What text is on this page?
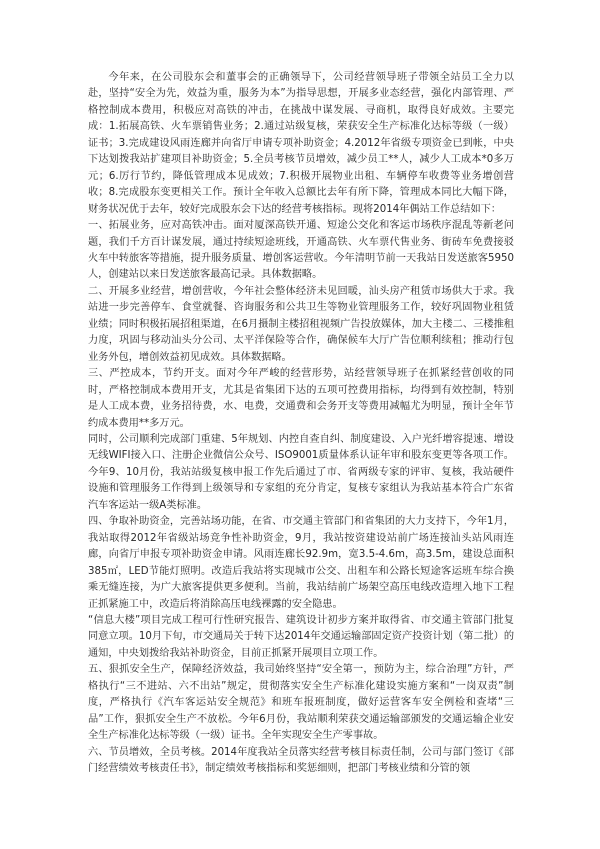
今年来，在公司股东会和董事会的正确领导下，公司经营领导班子带领全站员工全力以赴，坚持“安全为先，效益为重，服务为本”为指导思想，开展多业态经营，强化内部管理、严格控制成本费用，积极应对高铁的冲击，在挑战中谋发展、寻商机，取得良好成效。主要完成：1.拓展高铁、火车票销售业务；2.通过站级复核，荣获安全生产标准化达标等级（一级）证书；3.完成建设风雨连廊并向省厅申请专项补助资金；4.2012年省级专项资金已到帐，中央下达划拨我站扩建项目补助资金；5.全员考核节员增效，减少员工**人，减少人工成本*0多万元；6.厉行节约，降低管理成本见成效；7.积极开展物业出租、车辆停车收费等业务增创营收；8.完成股东变更相关工作。预计全年收入总额比去年有所下降，管理成本同比大幅下降，财务状况优于去年，较好完成股东会下达的经营考核指标。现将2014年偶站工作总结如下：

一、拓展业务，应对高铁冲击。面对厦深高铁开通、短途公交化和客运市场秩序混乱等新老问题，我们千方百计谋发展，通过持续短途班线，开通高铁、火车票代售业务、街砖车免费接驳火车中转旅客等措施，提升服务质量、增创客运营收。今年清明节前一天我站日发送旅客5950人，创建站以来日发送旅客最高记录。具体数据略。

二、开展多业经营，增创营收，今年社会整体经济未见回暖，汕头房产租赁市场供大于求。我站进一步完善停车、食堂就餐、咨询服务和公共卫生等物业管理服务工作，较好巩固物业租赁业绩；同时积极拓展招租渠道，在6月摄制主楼招租视频广告投放媒体，加大主楼二、三楼推租力度，巩固与移动汕头分公司、太平洋保险等合作，确保候车大厅广告位顺利续租；推动行包业务外包，增创效益初见成效。具体数据略。

三、严控成本，节约开支。面对今年严峻的经营形势，站经营领导班子在抓紧经营创收的同时，严格控制成本费用开支，尤其是省集团下达的五项可控费用指标，均得到有效控制，特别是人工成本费，业务招待费，水、电费，交通费和会务开支等费用减幅尤为明显，预计全年节约成本费用**多万元。

同时，公司顺利完成部门重建、5年规划、内控自查自纠、制度建设、入户光纤增容提速、增设无线WIFI接入口、注册企业微信公众号、ISO9001质量体系认证年审和股东变更等各项工作。今年9、10月份，我站站级复核申报工作先后通过了市、省两级专家的评审、复核，我站硬件设施和管理服务工作得到上级领导和专家组的充分肯定，复核专家组认为我站基本符合广东省汽车客运站一级A类标准。

四、争取补助资金，完善站场功能，在省、市交通主管部门和省集团的大力支持下，今年1月，我站取得2012年省级站场竞争性补助资金，9月，我站按资建设站前广场连接汕头站风雨连廊，向省厅申报专项补助资金申请。风雨连廊长92.9m，宽3.5-4.6m，高3.5m，建设总面积385㎡，LED节能灯照明。改造后我站将实现城市公交、出租车和公路长短途客运班车综合换乘无缝连接，为广大旅客提供更多便利。当前，我站结前广场架空高压电线改造埋入地下工程正抓紧施工中，改造后将消除高压电线裸露的安全隐患。

“信息大楼”项目完成工程可行性研究报告、建筑设计初步方案并取得省、市交通主管部门批复同意立项。10月下旬，市交通局关于转下达2014年交通运输部固定资产投资计划（第二批）的通知，中央划拨给我站补助资金，目前正抓紧开展项目立项工作。

五、狠抓安全生产，保障经济效益，我司始终坚持“安全第一，预防为主，综合治理”方针，严格执行“三不进站、六不出站”规定，贯彻落实安全生产标准化建设实施方案和“一岗双责”制度，严格执行《汽车客运站安全规范》和班车报班制度，做好运营客车安全例检和查堵“三品”工作，狠抓安全生产不放松。今年6月份，我站顺利荣获交通运输部颁发的交通运输企业安全生产标准化达标等级（一级）证书。全年实现安全生产零事故。

六、节员增效，全员考核。2014年度我站全员落实经营考核目标责任制，公司与部门签订《部门经营绩效考核责任书》，制定绩效考核指标和奖惩细则，把部门考核业绩和分管的领
